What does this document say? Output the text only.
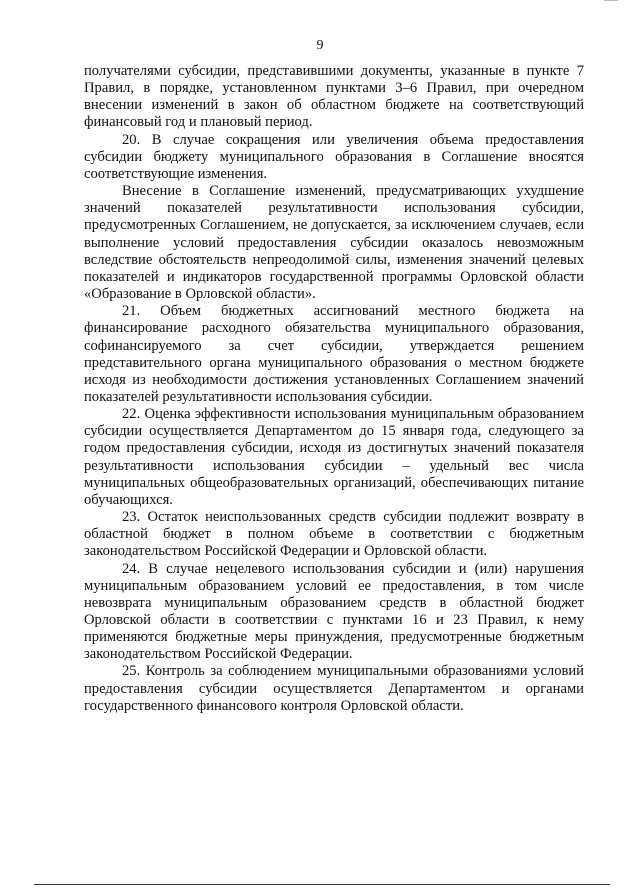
9

получателями субсидии, представившими документы, указанные в пункте 7 Правил, в порядке, установленном пунктами 3–6 Правил, при очередном внесении изменений в закон об областном бюджете на соответствующий финансовый год и плановый период.

20. В случае сокращения или увеличения объема предоставления субсидии бюджету муниципального образования в Соглашение вносятся соответствующие изменения.

Внесение в Соглашение изменений, предусматривающих ухудшение значений показателей результативности использования субсидии, предусмотренных Соглашением, не допускается, за исключением случаев, если выполнение условий предоставления субсидии оказалось невозможным вследствие обстоятельств непреодолимой силы, изменения значений целевых показателей и индикаторов государственной программы Орловской области «Образование в Орловской области».

21. Объем бюджетных ассигнований местного бюджета на финансирование расходного обязательства муниципального образования, софинансируемого за счет субсидии, утверждается решением представительного органа муниципального образования о местном бюджете исходя из необходимости достижения установленных Соглашением значений показателей результативности использования субсидии.

22. Оценка эффективности использования муниципальным образованием субсидии осуществляется Департаментом до 15 января года, следующего за годом предоставления субсидии, исходя из достигнутых значений показателя результативности использования субсидии – удельный вес числа муниципальных общеобразовательных организаций, обеспечивающих питание обучающихся.

23. Остаток неиспользованных средств субсидии подлежит возврату в областной бюджет в полном объеме в соответствии с бюджетным законодательством Российской Федерации и Орловской области.

24. В случае нецелевого использования субсидии и (или) нарушения муниципальным образованием условий ее предоставления, в том числе невозврата муниципальным образованием средств в областной бюджет Орловской области в соответствии с пунктами 16 и 23 Правил, к нему применяются бюджетные меры принуждения, предусмотренные бюджетным законодательством Российской Федерации.

25. Контроль за соблюдением муниципальными образованиями условий предоставления субсидии осуществляется Департаментом и органами государственного финансового контроля Орловской области.
